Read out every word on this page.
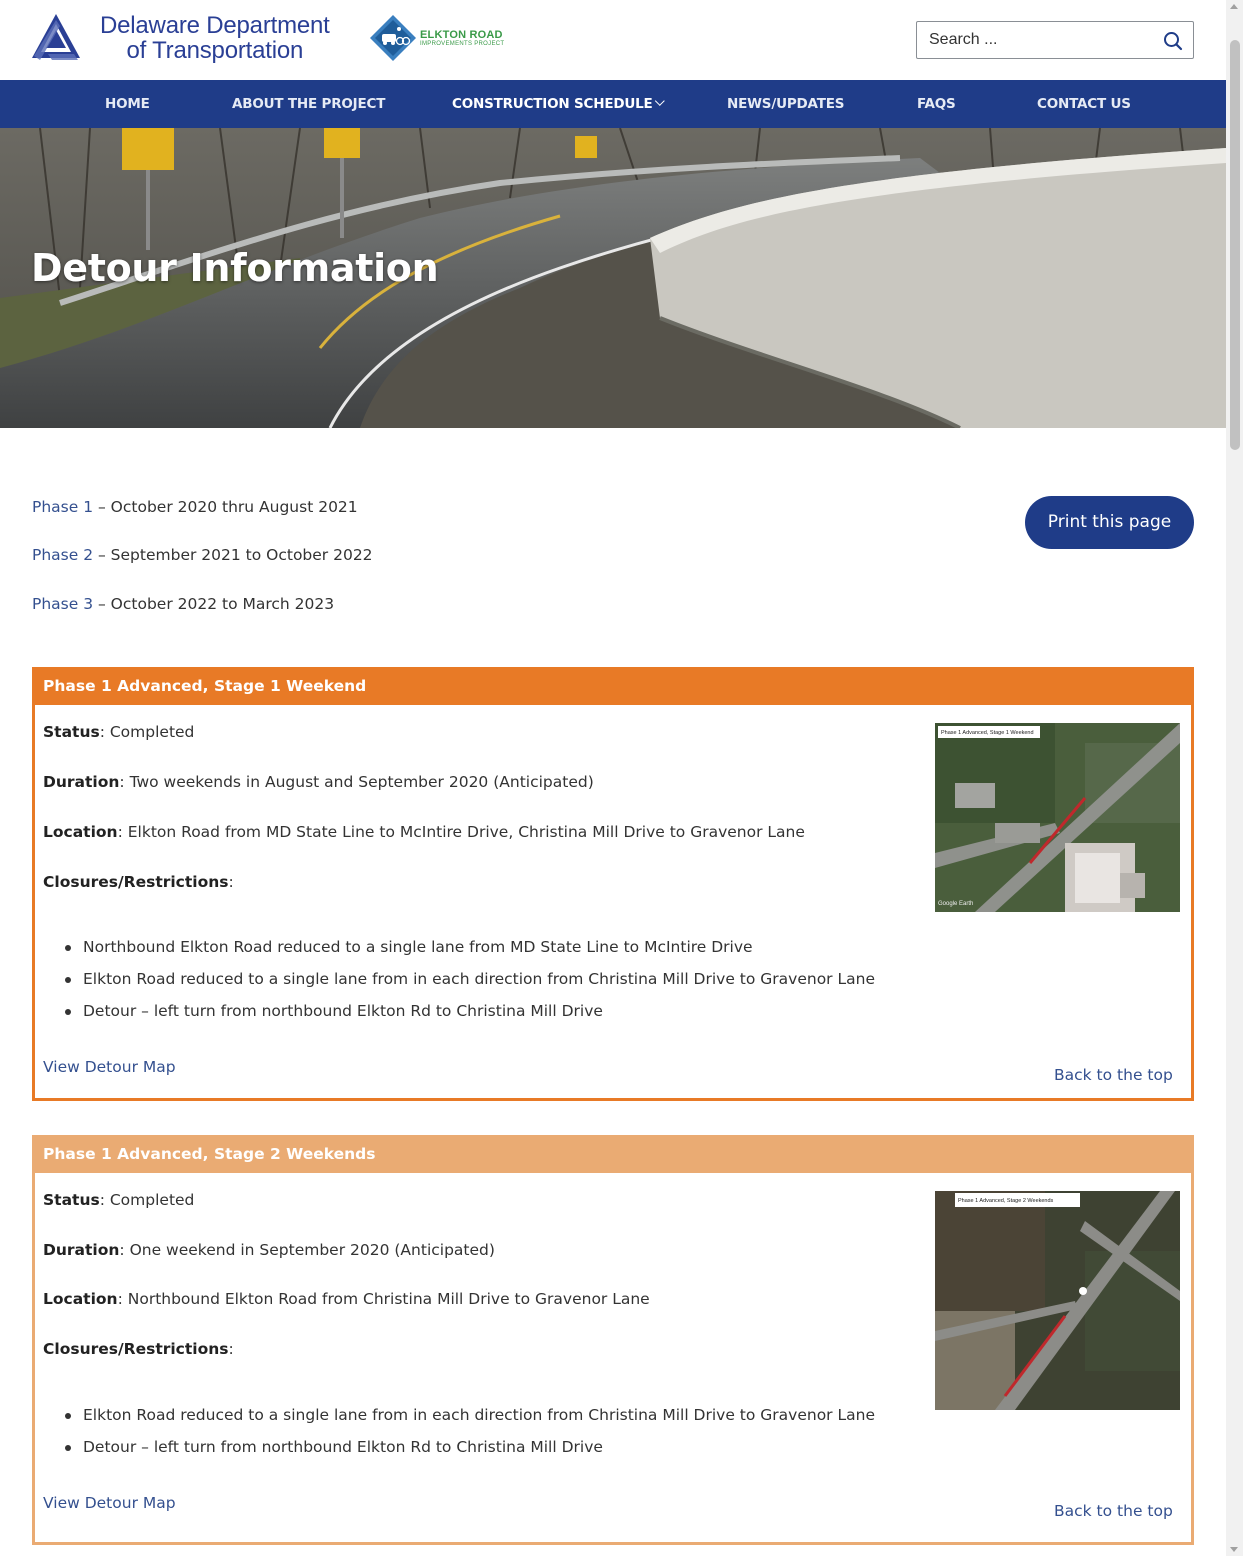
Delaware Department
of Transportation
ELKTON ROAD
IMPROVEMENTS PROJECT
Search ...
HOME	ABOUT THE PROJECT	CONSTRUCTION SCHEDULE	NEWS/UPDATES	FAQS	CONTACT US
Detour Information
Phase 1 – October 2020 thru August 2021
Phase 2 – September 2021 to October 2022
Phase 3 – October 2022 to March 2023
Print this page
Phase 1 Advanced, Stage 1 Weekend
Status: Completed
Duration: Two weekends in August and September 2020 (Anticipated)
Location: Elkton Road from MD State Line to McIntire Drive, Christina Mill Drive to Gravenor Lane
Closures/Restrictions:
Northbound Elkton Road reduced to a single lane from MD State Line to McIntire Drive
Elkton Road reduced to a single lane from in each direction from Christina Mill Drive to Gravenor Lane
Detour – left turn from northbound Elkton Rd to Christina Mill Drive
View Detour Map	Back to the top
Phase 1 Advanced, Stage 1 Weekend
Google Earth
Phase 1 Advanced, Stage 2 Weekends
Status: Completed
Duration: One weekend in September 2020 (Anticipated)
Location: Northbound Elkton Road from Christina Mill Drive to Gravenor Lane
Closures/Restrictions:
Elkton Road reduced to a single lane from in each direction from Christina Mill Drive to Gravenor Lane
Detour – left turn from northbound Elkton Rd to Christina Mill Drive
View Detour Map	Back to the top
Phase 1 Advanced, Stage 2 Weekends
